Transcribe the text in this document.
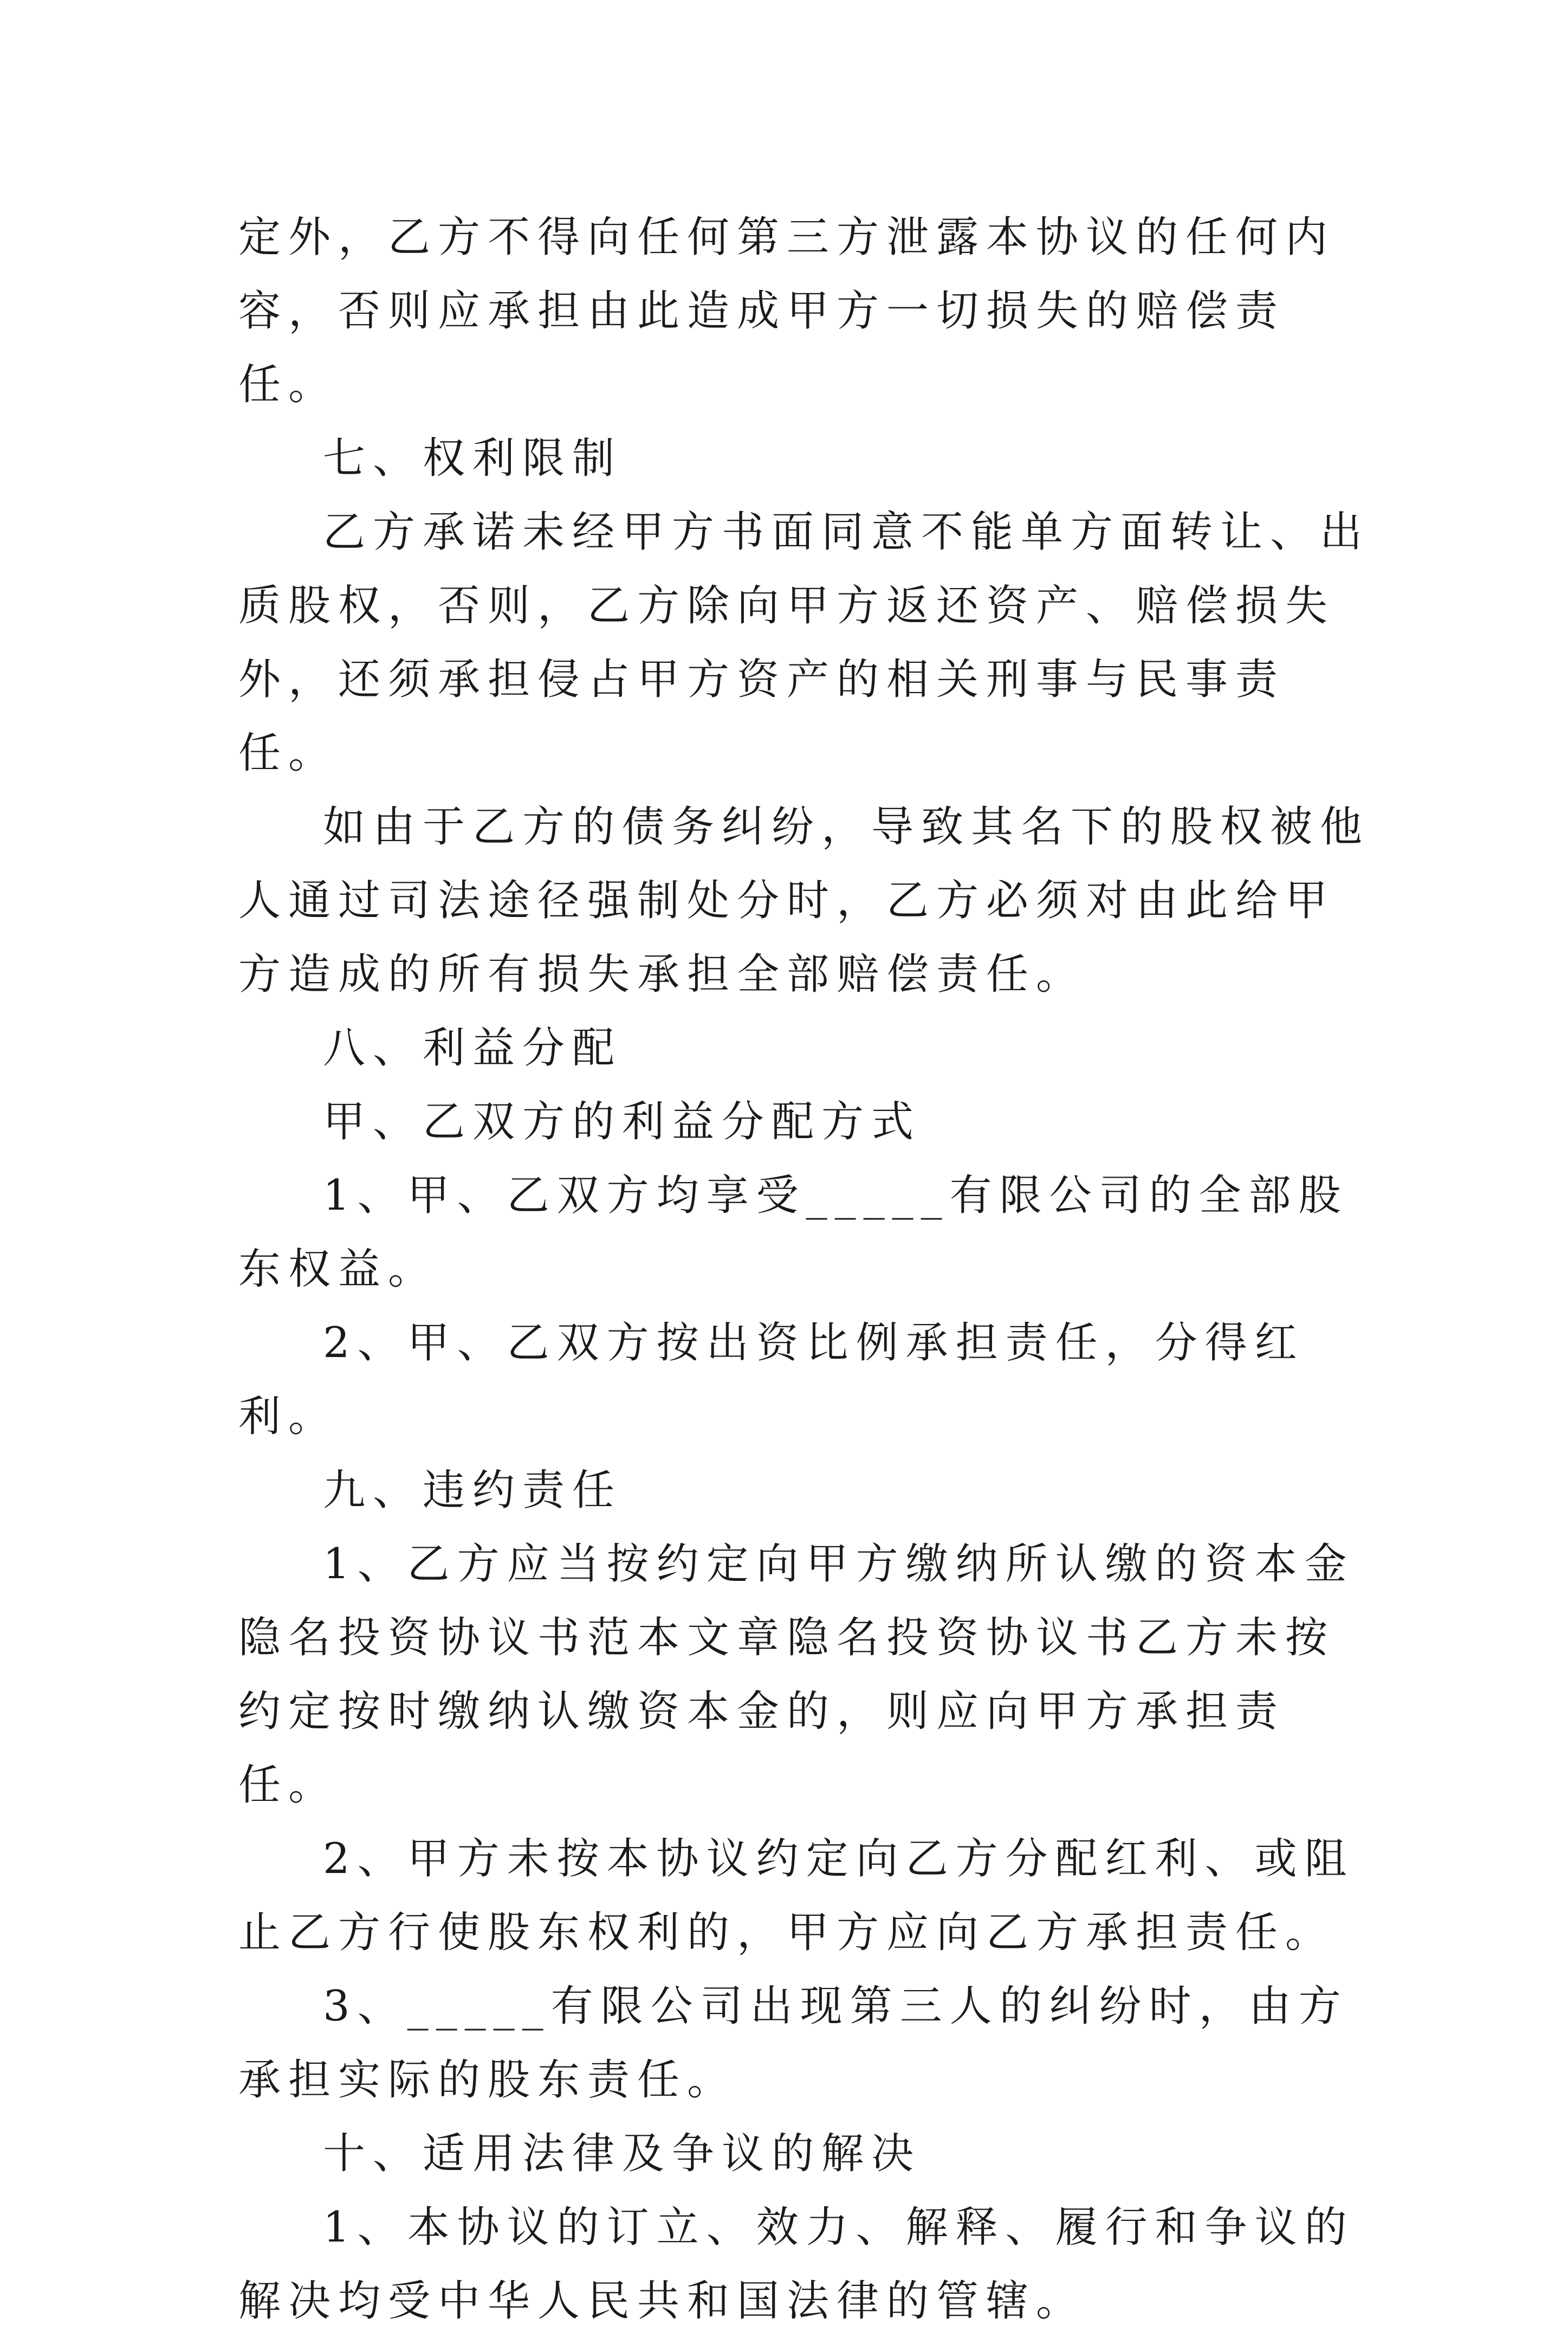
定外，乙方不得向任何第三方泄露本协议的任何内容，否则应承担由此造成甲方一切损失的赔偿责任。

七、权利限制

乙方承诺未经甲方书面同意不能单方面转让、出质股权，否则，乙方除向甲方返还资产、赔偿损失外，还须承担侵占甲方资产的相关刑事与民事责任。

如由于乙方的债务纠纷，导致其名下的股权被他人通过司法途径强制处分时，乙方必须对由此给甲方造成的所有损失承担全部赔偿责任。

八、利益分配

甲、乙双方的利益分配方式

1、甲、乙双方均享受_____有限公司的全部股东权益。

2、甲、乙双方按出资比例承担责任，分得红利。

九、违约责任

1、乙方应当按约定向甲方缴纳所认缴的资本金隐名投资协议书范本文章隐名投资协议书乙方未按约定按时缴纳认缴资本金的，则应向甲方承担责任。

2、甲方未按本协议约定向乙方分配红利、或阻止乙方行使股东权利的，甲方应向乙方承担责任。

3、_____有限公司出现第三人的纠纷时，由方承担实际的股东责任。

十、适用法律及争议的解决

1、本协议的订立、效力、解释、履行和争议的解决均受中华人民共和国法律的管辖。
